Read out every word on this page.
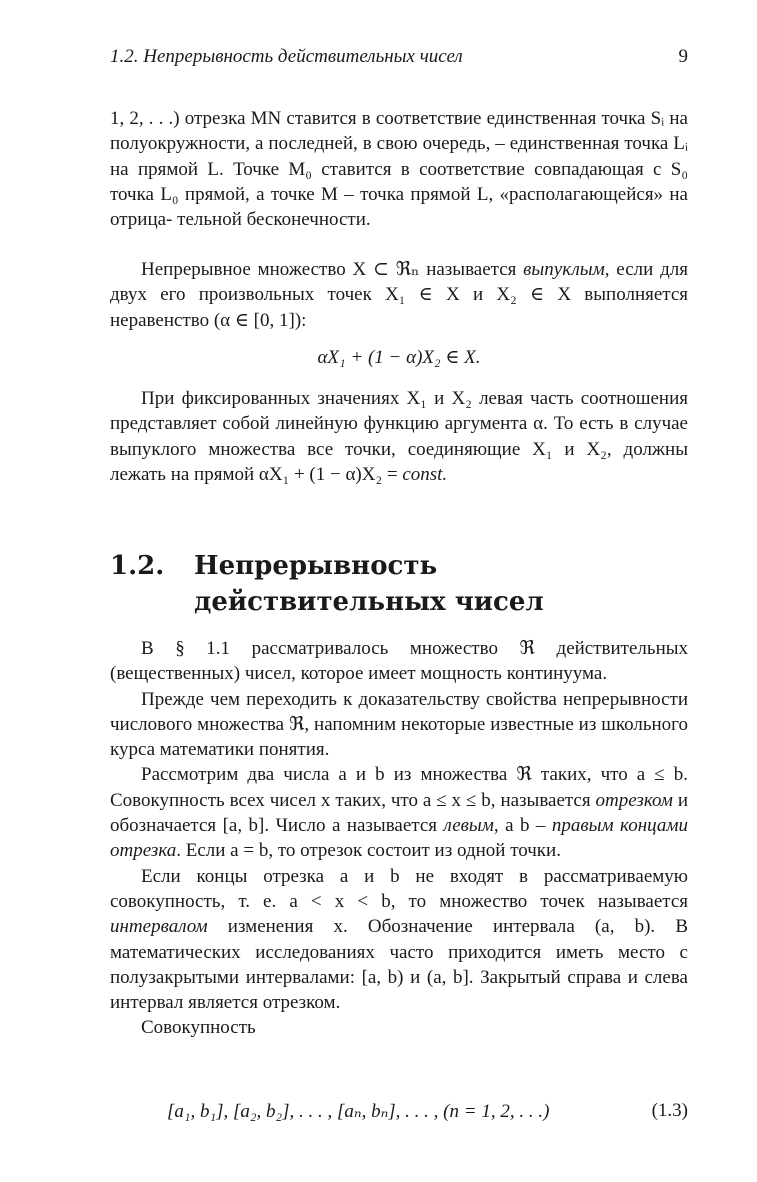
1.2. Непрерывность действительных чисел	9

1, 2, . . .) отрезка MN ставится в соответствие единственная точка Sᵢ на полуокружности, а последней, в свою очередь, – единственная точка Lᵢ на прямой L. Точке M₀ ставится в соответствие совпадающая с S₀ точка L₀ прямой, а точке M – точка прямой L, «располагающейся» на отрица- тельной бесконечности.

Непрерывное множество X ⊂ ℜₙ называется выпуклым, если для двух его произвольных точек X₁ ∈ X и X₂ ∈ X выполняется неравенство (α ∈ [0, 1]):

αX₁ + (1 − α)X₂ ∈ X.

При фиксированных значениях X₁ и X₂ левая часть соотношения представляет собой линейную функцию аргумента α. То есть в случае выпуклого множества все точки, соединяющие X₁ и X₂, должны лежать на прямой αX₁ + (1 − α)X₂ = const.

1.2. Непрерывность действительных чисел

В § 1.1 рассматривалось множество ℜ действительных (вещественных) чисел, которое имеет мощность континуума.

Прежде чем переходить к доказательству свойства непрерывности числового множества ℜ, напомним некоторые известные из школьного курса математики понятия.

Рассмотрим два числа a и b из множества ℜ таких, что a ≤ b. Совокупность всех чисел x таких, что a ≤ x ≤ b, называется отрезком и обозначается [a, b]. Число a называется левым, а b – правым концами отрезка. Если a = b, то отрезок состоит из одной точки.

Если концы отрезка a и b не входят в рассматриваемую совокупность, т. е. a < x < b, то множество точек называется интервалом изменения x. Обозначение интервала (a, b). В математических исследованиях часто приходится иметь место с полузакрытыми интервалами: [a, b) и (a, b]. Закрытый справа и слева интервал является отрезком.

Совокупность

[a₁, b₁], [a₂, b₂], . . . , [aₙ, bₙ], . . . , (n = 1, 2, . . .)	(1.3)
